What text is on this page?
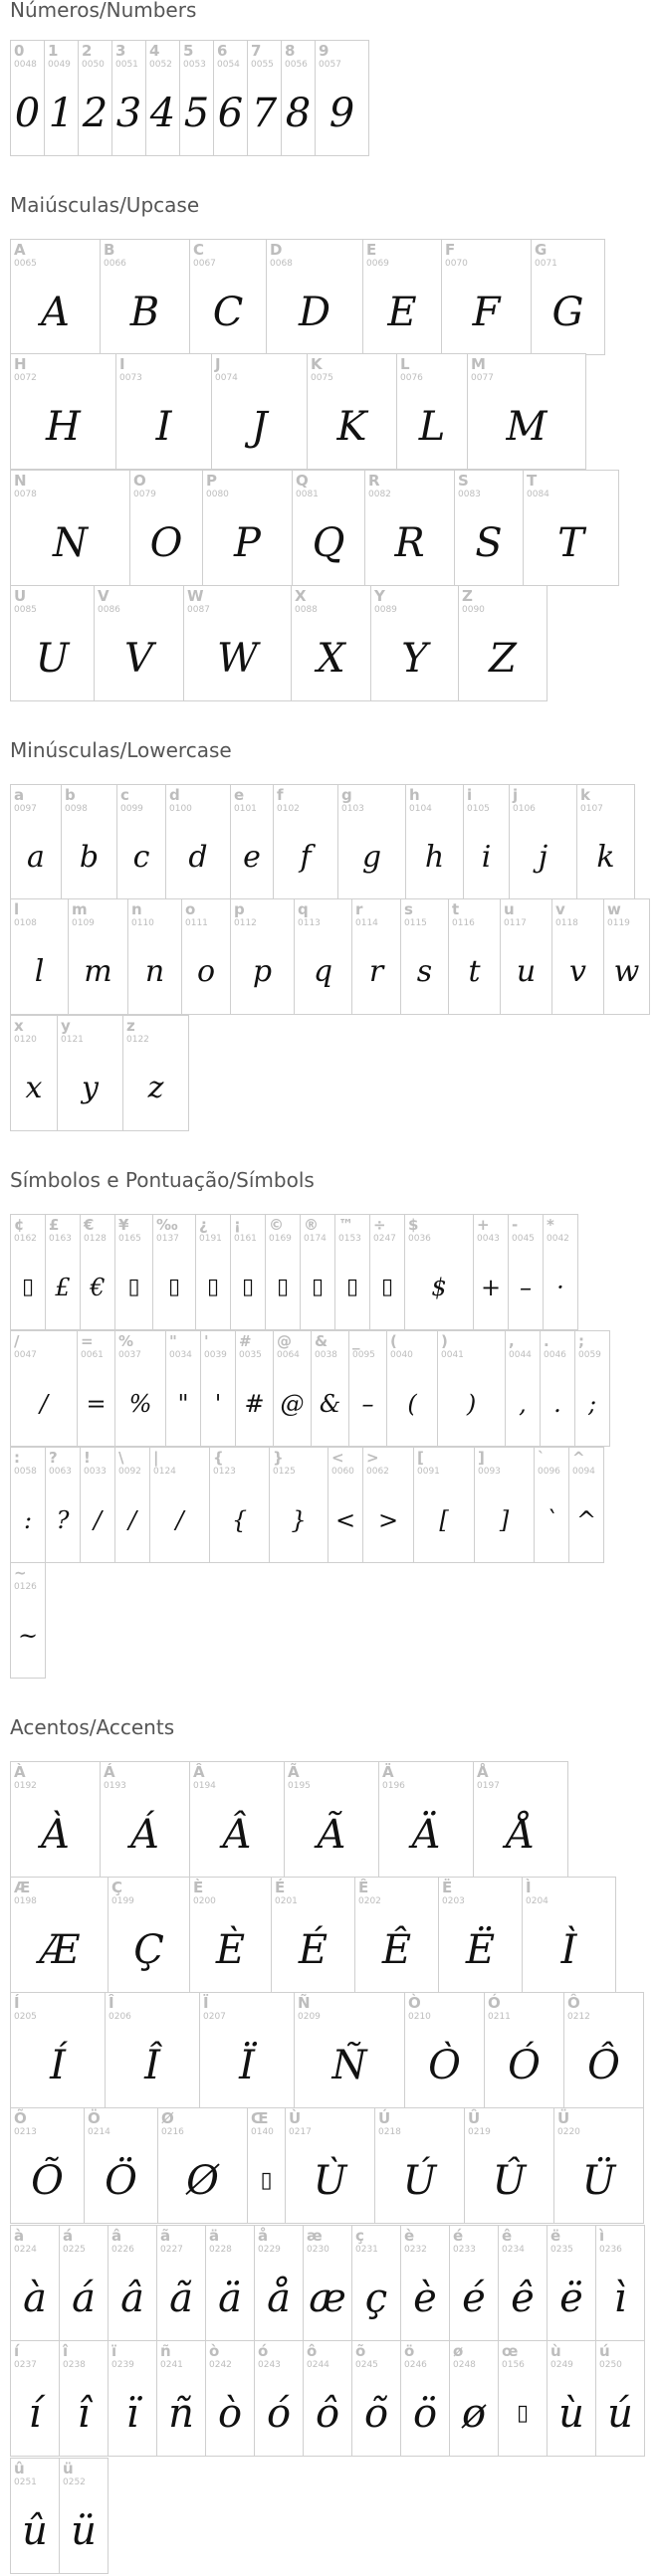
Números/Numbers
0
0048
0
1
0049
1
2
0050
2
3
0051
3
4
0052
4
5
0053
5
6
0054
6
7
0055
7
8
0056
8
9
0057
9
Maiúsculas/Upcase
A
0065
A
B
0066
B
C
0067
C
D
0068
D
E
0069
E
F
0070
F
G
0071
G
H
0072
H
I
0073
I
J
0074
J
K
0075
K
L
0076
L
M
0077
M
N
0078
N
O
0079
O
P
0080
P
Q
0081
Q
R
0082
R
S
0083
S
T
0084
T
U
0085
U
V
0086
V
W
0087
W
X
0088
X
Y
0089
Y
Z
0090
Z
Minúsculas/Lowercase
a
0097
a
b
0098
b
c
0099
c
d
0100
d
e
0101
e
f
0102
f
g
0103
g
h
0104
h
i
0105
i
j
0106
j
k
0107
k
l
0108
l
m
0109
m
n
0110
n
o
0111
o
p
0112
p
q
0113
q
r
0114
r
s
0115
s
t
0116
t
u
0117
u
v
0118
v
w
0119
w
x
0120
x
y
0121
y
z
0122
z
Símbolos e Pontuação/Símbols
¢
0162
▯
£
0163
£
€
0128
€
¥
0165
▯
‰
0137
▯
¿
0191
▯
¡
0161
▯
©
0169
▯
®
0174
▯
™
0153
▯
÷
0247
▯
$
0036
$
+
0043
+
-
0045
–
*
0042
·
/
0047
/
=
0061
=
%
0037
%
"
0034
"
'
0039
'
#
0035
#
@
0064
@
&
0038
&
_
0095
–
(
0040
(
)
0041
)
,
0044
,
.
0046
.
;
0059
;
:
0058
:
?
0063
?
!
0033
/
\
0092
/
|
0124
/
{
0123
{
}
0125
}
<
0060
<
>
0062
>
[
0091
[
]
0093
]
`
0096
`
^
0094
^
~
0126
~
Acentos/Accents
À
0192
À
Á
0193
Á
Â
0194
Â
Ã
0195
Ã
Ä
0196
Ä
Å
0197
Å
Æ
0198
Æ
Ç
0199
Ç
È
0200
È
É
0201
É
Ê
0202
Ê
Ë
0203
Ë
Ì
0204
Ì
Í
0205
Í
Î
0206
Î
Ï
0207
Ï
Ñ
0209
Ñ
Ò
0210
Ò
Ó
0211
Ó
Ô
0212
Ô
Õ
0213
Õ
Ö
0214
Ö
Ø
0216
Ø
Œ
0140
▯
Ù
0217
Ù
Ú
0218
Ú
Û
0219
Û
Ü
0220
Ü
à
0224
à
á
0225
á
â
0226
â
ã
0227
ã
ä
0228
ä
å
0229
å
æ
0230
æ
ç
0231
ç
è
0232
è
é
0233
é
ê
0234
ê
ë
0235
ë
ì
0236
ì
í
0237
í
î
0238
î
ï
0239
ï
ñ
0241
ñ
ò
0242
ò
ó
0243
ó
ô
0244
ô
õ
0245
õ
ö
0246
ö
ø
0248
ø
œ
0156
▯
ù
0249
ù
ú
0250
ú
û
0251
û
ü
0252
ü
